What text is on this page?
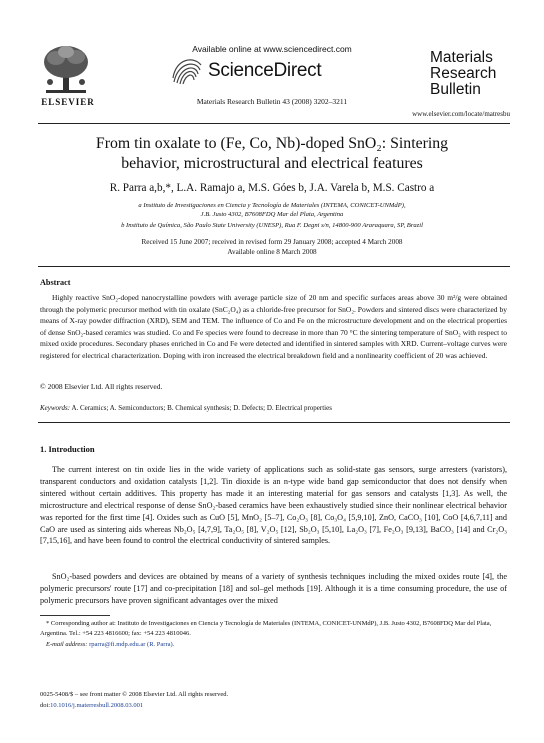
ELSEVIER
Available online at www.sciencedirect.com
ScienceDirect
Materials Research Bulletin 43 (2008) 3202–3211
Materials
Research
Bulletin
www.elsevier.com/locate/matresbu
From tin oxalate to (Fe, Co, Nb)-doped SnO₂: Sintering
behavior, microstructural and electrical features
R. Parra a,b,*, L.A. Ramajo a, M.S. Góes b, J.A. Varela b, M.S. Castro a
a Instituto de Investigaciones en Ciencia y Tecnología de Materiales (INTEMA, CONICET-UNMdP),
J.B. Justo 4302, B7608FDQ Mar del Plata, Argentina
b Instituto de Química, São Paulo State University (UNESP), Rua F. Degni s/n, 14800-900 Araraquara, SP, Brazil
Received 15 June 2007; received in revised form 29 January 2008; accepted 4 March 2008
Available online 8 March 2008
Abstract
Highly reactive SnO₂-doped nanocrystalline powders with average particle size of 20 nm and specific surfaces areas above 30 m²/g were obtained through the polymeric precursor method with tin oxalate (SnC₂O₄) as a chloride-free precursor for SnO₂. Powders and sintered discs were characterized by means of X-ray powder diffraction (XRD), SEM and TEM. The influence of Co and Fe on the microstructure development and on the electrical properties of dense SnO₂-based ceramics was studied. Co and Fe species were found to decrease in more than 70 °C the sintering temperature of SnO₂ with respect to mixed oxide procedures. Secondary phases enriched in Co and Fe were detected and identified in sintered samples with XRD. Current–voltage curves were registered for electrical characterization. Doping with iron increased the electrical breakdown field and a nonlinearity coefficient of 20 was achieved.
© 2008 Elsevier Ltd. All rights reserved.
Keywords: A. Ceramics; A. Semiconductors; B. Chemical synthesis; D. Defects; D. Electrical properties
1. Introduction
The current interest on tin oxide lies in the wide variety of applications such as solid-state gas sensors, surge arresters (varistors), transparent conductors and oxidation catalysts [1,2]. Tin dioxide is an n-type wide band gap semiconductor that does not densify when sintered without certain additives. This property has made it an interesting material for gas sensors and catalysts [1,3]. As well, the microstructure and electrical response of dense SnO₂-based ceramics have been exhaustively studied since their nonlinear electrical behavior was reported for the first time [4]. Oxides such as CuO [5], MnO₂ [5–7], Co₂O₃ [8], Co₃O₄ [5,9,10], ZnO, CaCO₃ [10], CoO [4,6,7,11] and CaO are used as sintering aids whereas Nb₂O₅ [4,7,9], Ta₂O₅ [8], V₂O₅ [12], Sb₂O₃ [5,10], La₂O₃ [7], Fe₂O₃ [9,13], BaCO₃ [14] and Cr₂O₃ [7,15,16], and have been found to control the electrical conductivity of sintered samples.
SnO₂-based powders and devices are obtained by means of a variety of synthesis techniques including the mixed oxides route [4], the polymeric precursors' route [17] and co-precipitation [18] and sol–gel methods [19]. Although it is a time consuming procedure, the use of polymeric precursors have proven significant advantages over the mixed
* Corresponding author at: Instituto de Investigaciones en Ciencia y Tecnología de Materiales (INTEMA, CONICET-UNMdP), J.B. Justo 4302, B7608FDQ Mar del Plata, Argentina. Tel.: +54 223 4816600; fax: +54 223 4810046.
E-mail address: rparra@fi.mdp.edu.ar (R. Parra).
0025-5408/$ – see front matter © 2008 Elsevier Ltd. All rights reserved.
doi:10.1016/j.materresbull.2008.03.001
